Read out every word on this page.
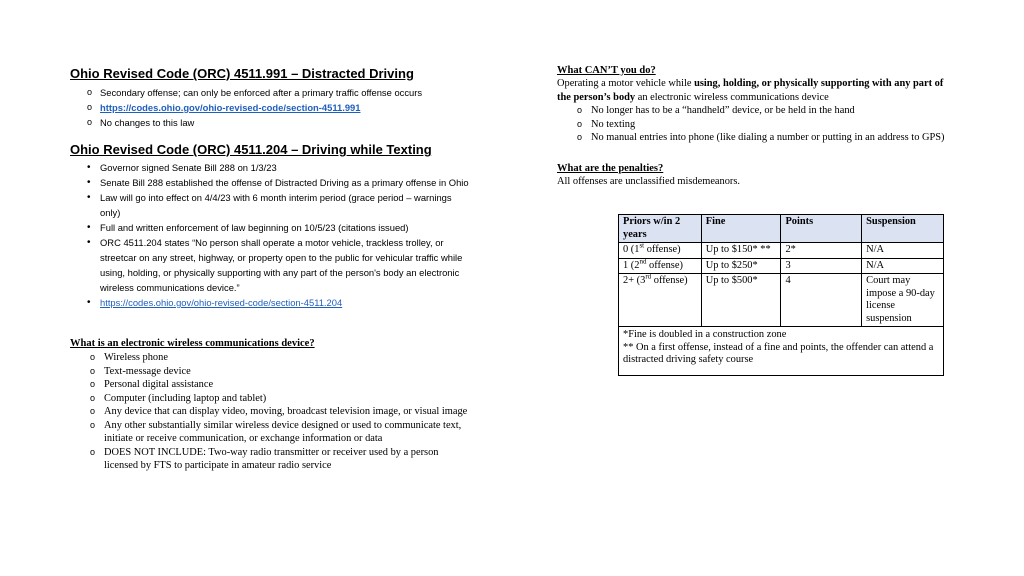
Ohio Revised Code (ORC) 4511.991 – Distracted Driving
o Secondary offense; can only be enforced after a primary traffic offense occurs
o https://codes.ohio.gov/ohio-revised-code/section-4511.991
o No changes to this law
Ohio Revised Code (ORC) 4511.204 – Driving while Texting
• Governor signed Senate Bill 288 on 1/3/23
• Senate Bill 288 established the offense of Distracted Driving as a primary offense in Ohio
• Law will go into effect on 4/4/23 with 6 month interim period (grace period – warnings only)
• Full and written enforcement of law beginning on 10/5/23 (citations issued)
• ORC 4511.204 states “No person shall operate a motor vehicle, trackless trolley, or streetcar on any street, highway, or property open to the public for vehicular traffic while using, holding, or physically supporting with any part of the person's body an electronic wireless communications device.”
• https://codes.ohio.gov/ohio-revised-code/section-4511.204
What is an electronic wireless communications device?
o Wireless phone
o Text-message device
o Personal digital assistance
o Computer (including laptop and tablet)
o Any device that can display video, moving, broadcast television image, or visual image
o Any other substantially similar wireless device designed or used to communicate text, initiate or receive communication, or exchange information or data
o DOES NOT INCLUDE: Two-way radio transmitter or receiver used by a person licensed by FTS to participate in amateur radio service
What CAN’T you do?

Operating a motor vehicle while using, holding, or physically supporting with any part of the person’s body an electronic wireless communications device

o No longer has to be a “handheld” device, or be held in the hand
o No texting
o No manual entries into phone (like dialing a number or putting in an address to GPS)
What are the penalties?

All offenses are unclassified misdemeanors.

Priors w/in 2 years	Fine	Points	Suspension
0 (1st offense)	Up to $150* **	2*	N/A
1 (2nd offense)	Up to $250*	3	N/A
2+ (3rd offense)	Up to $500*	4	Court may impose a 90-day license suspension

*Fine is doubled in a construction zone
** On a first offense, instead of a fine and points, the offender can attend a distracted driving safety course			
